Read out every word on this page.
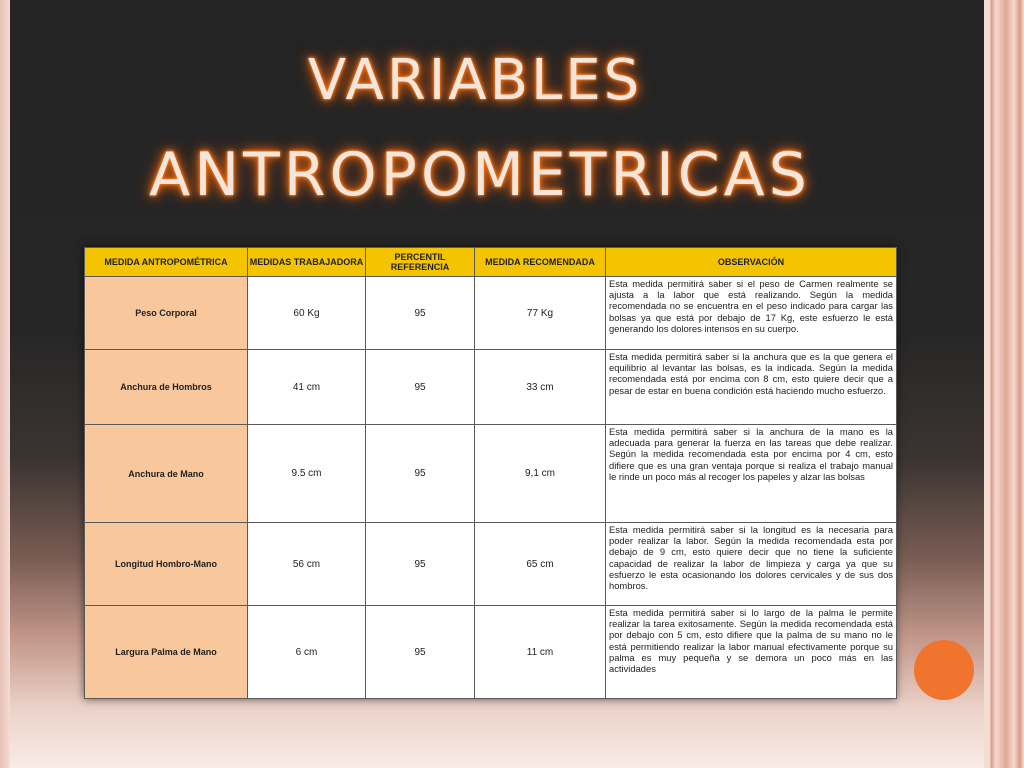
VARIABLES
ANTROPOMETRICAS
MEDIDA ANTROPOMÉTRICA	MEDIDAS TRABAJADORA	PERCENTIL REFERENCIA	MEDIDA RECOMENDADA	OBSERVACIÓN
Peso Corporal	60 Kg	95	77 Kg	Esta medida permitirá saber si el peso de Carmen realmente se ajusta a la labor que está realizando. Según la medida recomendada no se encuentra en el peso indicado para cargar las bolsas ya que está por debajo de 17 Kg, este esfuerzo le está generando los dolores intensos en su cuerpo.
Anchura de Hombros	41 cm	95	33 cm	Esta medida permitirá saber si la anchura que es la que genera el equilibrio al levantar las bolsas, es la indicada. Según la medida recomendada está por encima con 8 cm, esto quiere decir que a pesar de estar en buena condición está haciendo mucho esfuerzo.
Anchura de Mano	9.5 cm	95	9,1 cm	Esta medida permitirá saber si la anchura de la mano es la adecuada para generar la fuerza en las tareas que debe realizar. Según la medida recomendada esta por encima por 4 cm, esto difiere que es una gran ventaja porque si realiza el trabajo manual le rinde un poco más al recoger los papeles y alzar las bolsas
Longitud Hombro-Mano	56 cm	95	65 cm	Esta medida permitirá saber si la longitud es la necesaria para poder realizar la labor. Según la medida recomendada esta por debajo de 9 cm, esto quiere decir que no tiene la suficiente capacidad de realizar la labor de limpieza y carga ya que su esfuerzo le esta ocasionando los dolores cervicales y de sus dos hombros.
Largura Palma de Mano	6 cm	95	11 cm	Esta medida permitirá saber si lo largo de la palma le permite realizar la tarea exitosamente. Según la medida recomendada está por debajo con 5 cm, esto difiere que la palma de su mano no le está permitiendo realizar la labor manual efectivamente porque su palma es muy pequeña y se demora un poco más en las actividades
